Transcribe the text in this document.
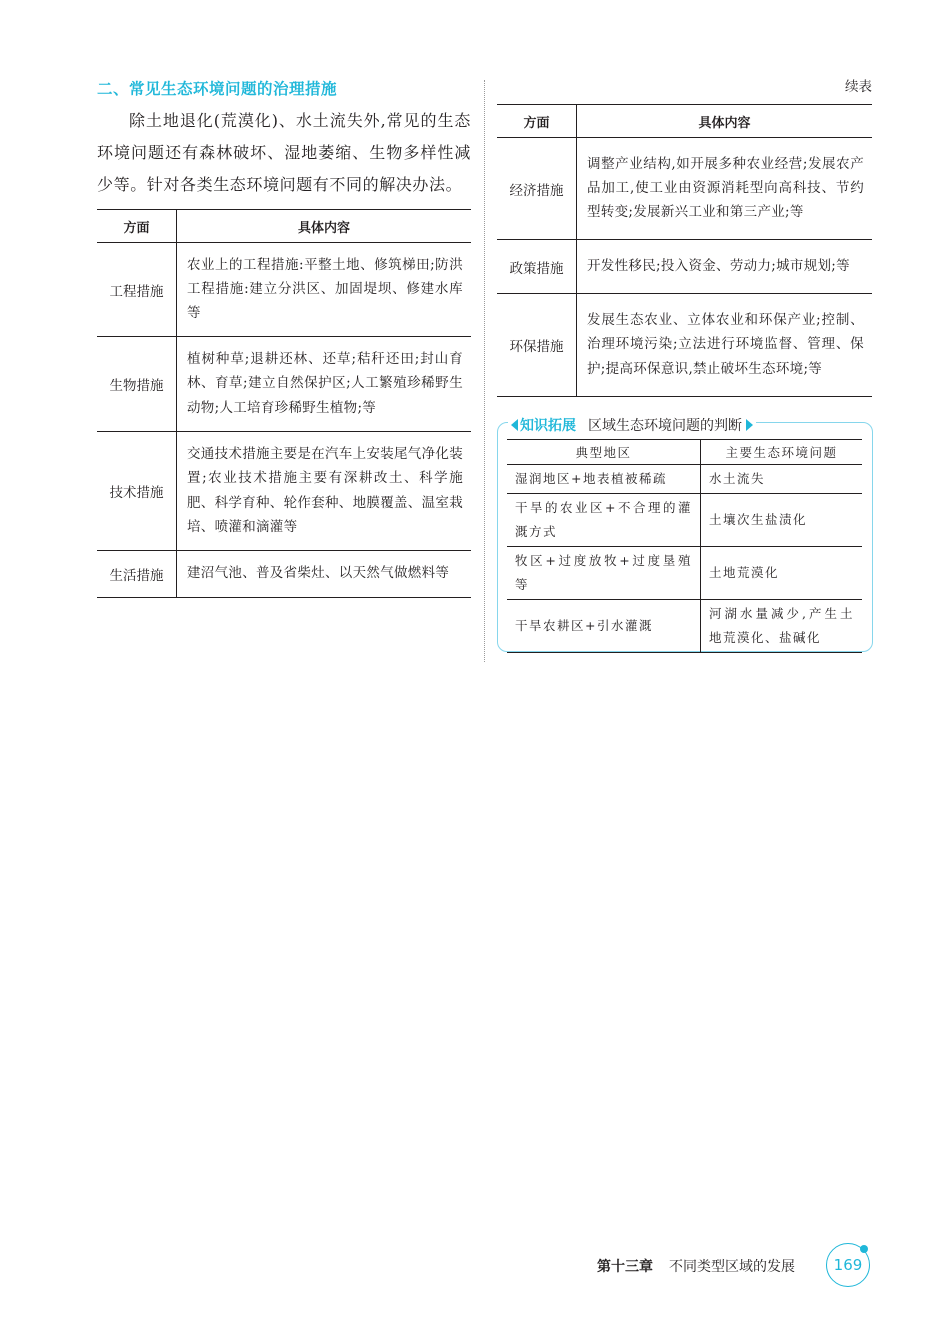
二、常见生态环境问题的治理措施

除土地退化(荒漠化)、水土流失外,常见的生态环境问题还有森林破坏、湿地萎缩、生物多样性减少等。针对各类生态环境问题有不同的解决办法。

方面	具体内容
工程措施	农业上的工程措施:平整土地、修筑梯田;防洪工程措施:建立分洪区、加固堤坝、修建水库等
生物措施	植树种草;退耕还林、还草;秸秆还田;封山育林、育草;建立自然保护区;人工繁殖珍稀野生动物;人工培育珍稀野生植物;等
技术措施	交通技术措施主要是在汽车上安装尾气净化装置;农业技术措施主要有深耕改土、科学施肥、科学育种、轮作套种、地膜覆盖、温室栽培、喷灌和滴灌等
生活措施	建沼气池、普及省柴灶、以天然气做燃料等
续表
方面	具体内容
经济措施	调整产业结构,如开展多种农业经营;发展农产品加工,使工业由资源消耗型向高科技、节约型转变;发展新兴工业和第三产业;等
政策措施	开发性移民;投入资金、劳动力;城市规划;等
环保措施	发展生态农业、立体农业和环保产业;控制、治理环境污染;立法进行环境监督、管理、保护;提高环保意识,禁止破坏生态环境;等
知识拓展 区域生态环境问题的判断
典型地区	主要生态环境问题
湿润地区+地表植被稀疏	水土流失
干旱的农业区+不合理的灌溉方式	土壤次生盐渍化
牧区+过度放牧+过度垦殖等	土地荒漠化
干旱农耕区+引水灌溉	河湖水量减少,产生土地荒漠化、盐碱化
第十三章 不同类型区域的发展	169
